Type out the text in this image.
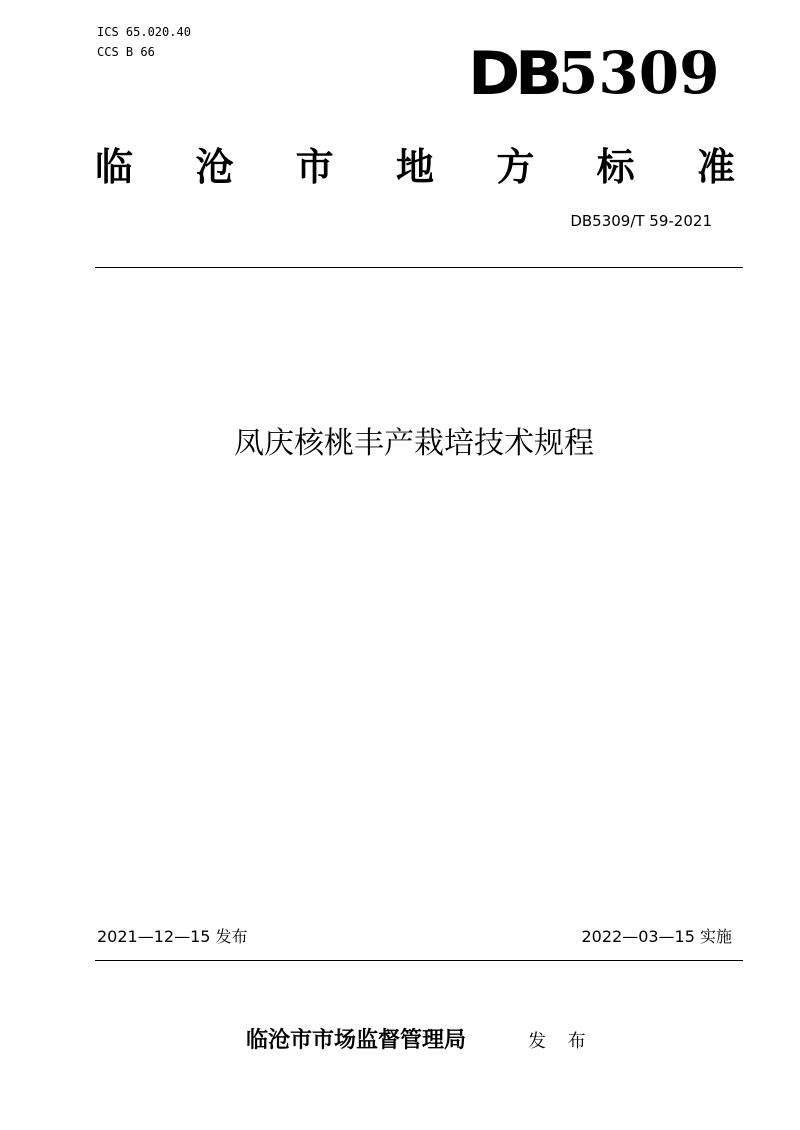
ICS 65.020.40
CCS B 66	DB 5309
临 沧 市 地 方 标 准
DB5309/T 59-2021
凤庆核桃丰产栽培技术规程
2021—12—15 发布	2022—03—15 实施
临沧市市场监督管理局	发 布
